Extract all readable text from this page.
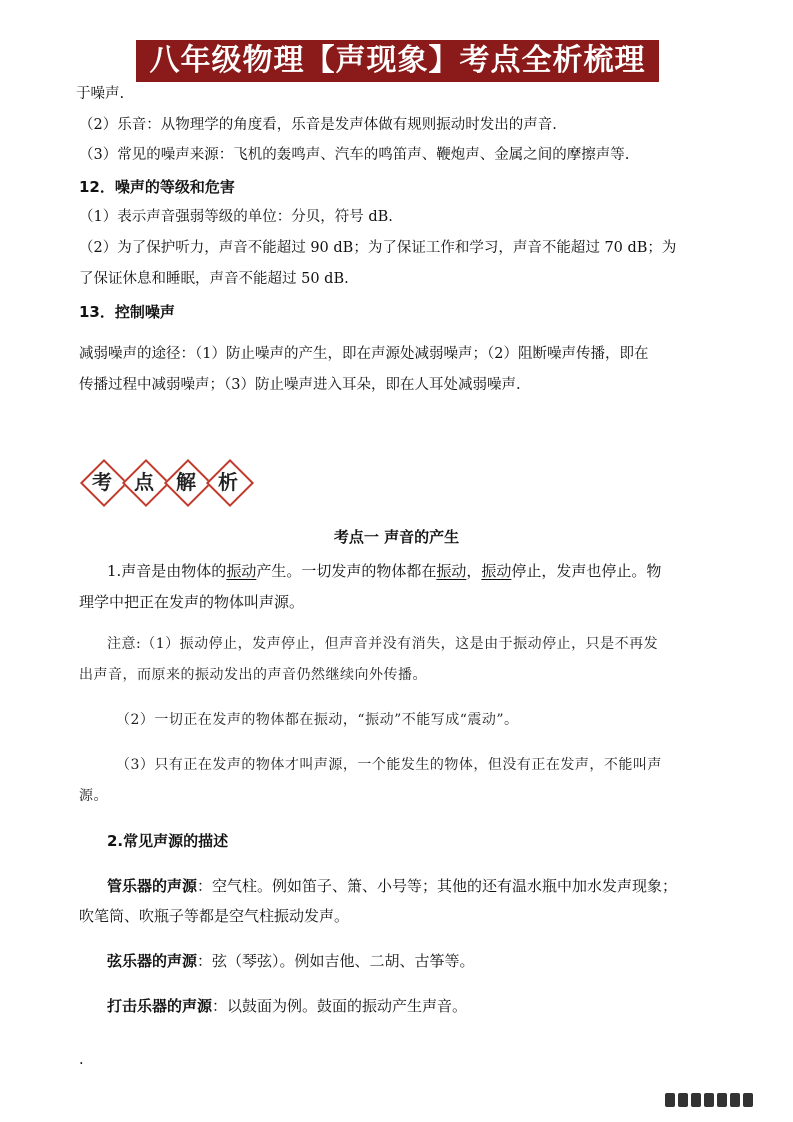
八年级物理【声现象】考点全析梳理
于噪声.
（2）乐音：从物理学的角度看，乐音是发声体做有规则振动时发出的声音.
（3）常见的噪声来源：飞机的轰鸣声、汽车的鸣笛声、鞭炮声、金属之间的摩擦声等.
12．噪声的等级和危害
（1）表示声音强弱等级的单位：分贝，符号 dB.
（2）为了保护听力，声音不能超过 90 dB；为了保证工作和学习，声音不能超过 70 dB；为
了保证休息和睡眠，声音不能超过 50 dB.
13．控制噪声
减弱噪声的途径：（1）防止噪声的产生，即在声源处减弱噪声；（2）阻断噪声传播，即在
传播过程中减弱噪声；（3）防止噪声进入耳朵，即在人耳处减弱噪声.
考	点	解	析
考点一 声音的产生
1.声音是由物体的振动产生。一切发声的物体都在振动，振动停止，发声也停止。物
理学中把正在发声的物体叫声源。
注意:（1）振动停止，发声停止，但声音并没有消失，这是由于振动停止，只是不再发
出声音，而原来的振动发出的声音仍然继续向外传播。
（2）一切正在发声的物体都在振动，“振动”不能写成“震动”。
（3）只有正在发声的物体才叫声源，一个能发生的物体，但没有正在发声，不能叫声
源。
2.常见声源的描述
管乐器的声源：空气柱。例如笛子、箫、小号等；其他的还有温水瓶中加水发声现象；
吹笔筒、吹瓶子等都是空气柱振动发声。
弦乐器的声源：弦（琴弦）。例如吉他、二胡、古筝等。
打击乐器的声源：以鼓面为例。鼓面的振动产生声音。
.
